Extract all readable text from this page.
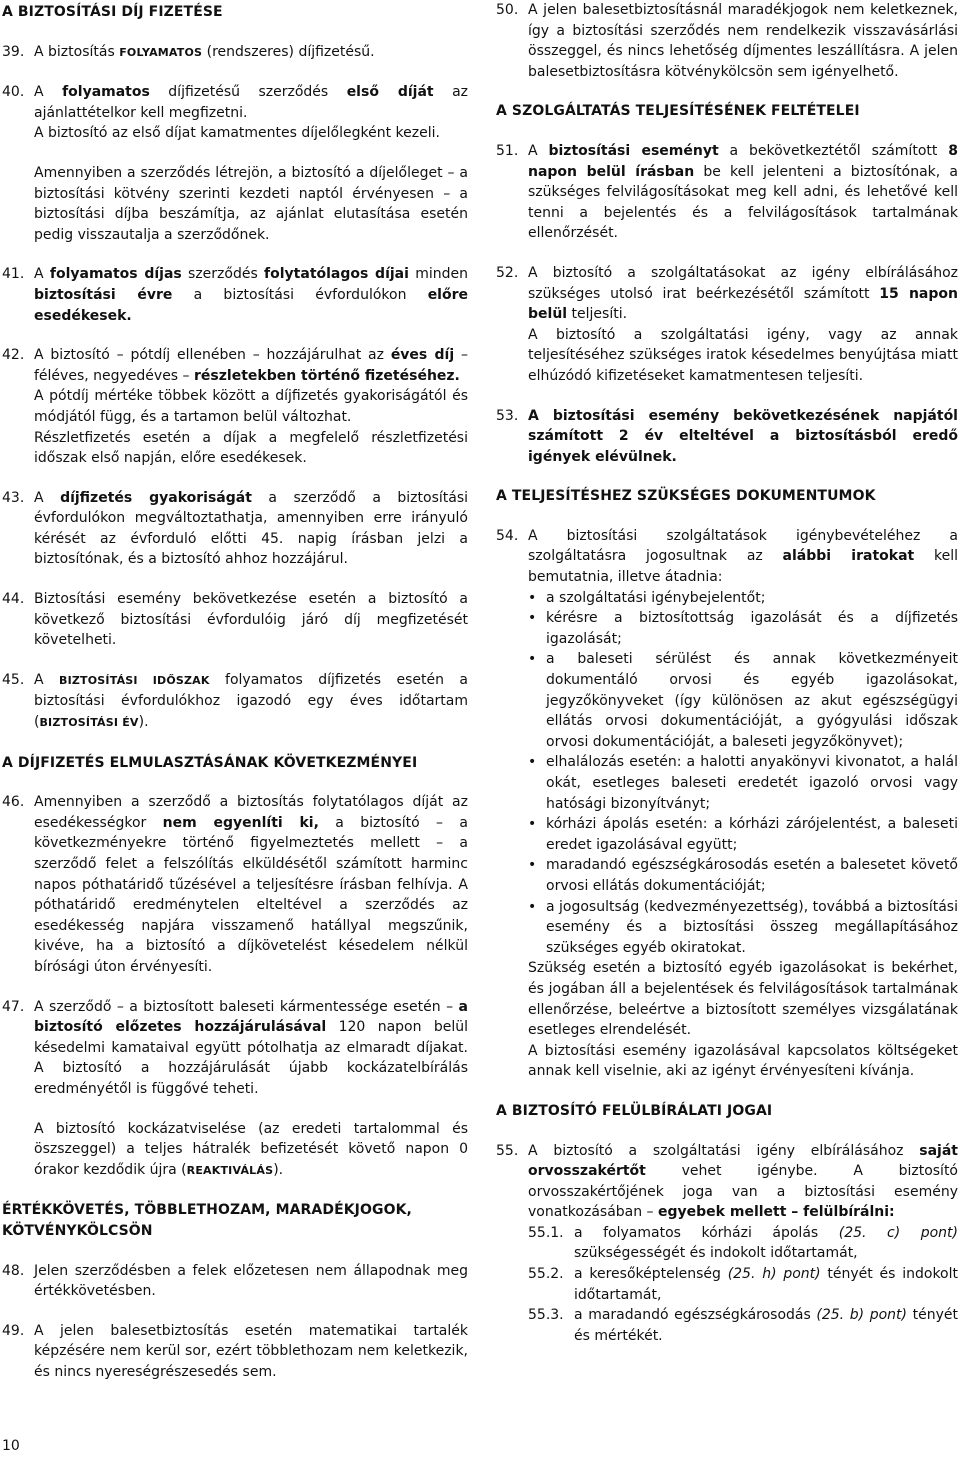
A BIZTOSÍTÁSI DÍJ FIZETÉSE
39. A biztosítás FOLYAMATOS (rendszeres) díjfizetésű.
40. A folyamatos díjfizetésű szerződés első díját az ajánlattételkor kell megfizetni.

A biztosító az első díjat kamatmentes díjelőlegként kezeli.

Amennyiben a szerződés létrejön, a biztosító a díjelőleget – a biztosítási kötvény szerinti kezdeti naptól érvényesen – a biztosítási díjba beszámítja, az ajánlat elutasítása esetén pedig visszautalja a szerződőnek.

41. A folyamatos díjas szerződés folytatólagos díjai minden biztosítási évre a biztosítási évfordulókon előre esedékesek.
42. A biztosító – pótdíj ellenében – hozzájárulhat az éves díj – féléves, negyedéves – részletekben történő fizetéséhez.

A pótdíj mértéke többek között a díjfizetés gyakoriságától és módjától függ, és a tartamon belül változhat.

Részletfizetés esetén a díjak a megfelelő részletfizetési időszak első napján, előre esedékesek.

43. A díjfizetés gyakoriságát a szerződő a biztosítási évfordulókon megváltoztathatja, amennyiben erre irányuló kérését az évforduló előtti 45. napig írásban jelzi a biztosítónak, és a biztosító ahhoz hozzájárul.
44. Biztosítási esemény bekövetkezése esetén a biztosító a következő biztosítási évfordulóig járó díj megfizetését követelheti.
45. A BIZTOSÍTÁSI IDŐSZAK folyamatos díjfizetés esetén a biztosítási évfordulókhoz igazodó egy éves időtartam (BIZTOSÍTÁSI ÉV).
A DÍJFIZETÉS ELMULASZTÁSÁNAK KÖVETKEZMÉNYEI
46. Amennyiben a szerződő a biztosítás folytatólagos díját az esedékességkor nem egyenlíti ki, a biztosító – a következményekre történő figyelmeztetés mellett – a szerződő felet a felszólítás elküldésétől számított harminc napos póthatáridő tűzésével a teljesítésre írásban felhívja. A póthatáridő eredménytelen elteltével a szerződés az esedékesség napjára visszamenő hatállyal megszűnik, kivéve, ha a biztosító a díjkövetelést késedelem nélkül bírósági úton érvényesíti.
47. A szerződő – a biztosított baleseti kármentessége esetén – a biztosító előzetes hozzájárulásával 120 napon belül késedelmi kamataival együtt pótolhatja az elmaradt díjakat. A biztosító a hozzájárulását újabb kockázatelbírálás eredményétől is függővé teheti.

A biztosító kockázatviselése (az eredeti tartalommal és öszszeggel) a teljes hátralék befizetését követő napon 0 órakor kezdődik újra (REAKTIVÁLÁS).

ÉRTÉKKÖVETÉS, TÖBBLETHOZAM, MARADÉKJOGOK, KÖTVÉNYKÖLCSÖN
48. Jelen szerződésben a felek előzetesen nem állapodnak meg értékkövetésben.
49. A jelen balesetbiztosítás esetén matematikai tartalék képzésére nem kerül sor, ezért többlethozam nem keletkezik, és nincs nyereségrészesedés sem.
50. A jelen balesetbiztosításnál maradékjogok nem keletkeznek, így a biztosítási szerződés nem rendelkezik visszavásárlási összeggel, és nincs lehetőség díjmentes leszállításra. A jelen balesetbiztosításra kötvénykölcsön sem igényelhető.
A SZOLGÁLTATÁS TELJESÍTÉSÉNEK FELTÉTELEI
51. A biztosítási eseményt a bekövetkeztétől számított 8 napon belül írásban be kell jelenteni a biztosítónak, a szükséges felvilágosításokat meg kell adni, és lehetővé kell tenni a bejelentés és a felvilágosítások tartalmának ellenőrzését.
52. A biztosító a szolgáltatásokat az igény elbírálásához szükséges utolsó irat beérkezésétől számított 15 napon belül teljesíti.

A biztosító a szolgáltatási igény, vagy az annak teljesítéséhez szükséges iratok késedelmes benyújtása miatt elhúzódó kifizetéseket kamatmentesen teljesíti.

53. A biztosítási esemény bekövetkezésének napjától számított 2 év elteltével a biztosításból eredő igények elévülnek.
A TELJESÍTÉSHEZ SZÜKSÉGES DOKUMENTUMOK
54. A biztosítási szolgáltatások igénybevételéhez a szolgáltatásra jogosultnak az alábbi iratokat kell bemutatnia, illetve átadnia:
• a szolgáltatási igénybejelentőt;
• kérésre a biztosítottság igazolását és a díjfizetés igazolását;
• a baleseti sérülést és annak következményeit dokumentáló orvosi és egyéb igazolásokat, jegyzőkönyveket (így különösen az akut egészségügyi ellátás orvosi dokumentációját, a gyógyulási időszak orvosi dokumentációját, a baleseti jegyzőkönyvet);
• elhalálozás esetén: a halotti anyakönyvi kivonatot, a halál okát, esetleges baleseti eredetét igazoló orvosi vagy hatósági bizonyítványt;
• kórházi ápolás esetén: a kórházi zárójelentést, a baleseti eredet igazolásával együtt;
• maradandó egészségkárosodás esetén a balesetet követő orvosi ellátás dokumentációját;
• a jogosultság (kedvezményezettség), továbbá a biztosítási esemény és a biztosítási összeg megállapításához szükséges egyéb okiratokat.

Szükség esetén a biztosító egyéb igazolásokat is bekérhet, és jogában áll a bejelentések és felvilágosítások tartalmának ellenőrzése, beleértve a biztosított személyes vizsgálatának esetleges elrendelését.

A biztosítási esemény igazolásával kapcsolatos költségeket annak kell viselnie, aki az igényt érvényesíteni kívánja.

A BIZTOSÍTÓ FELÜLBÍRÁLATI JOGAI
55. A biztosító a szolgáltatási igény elbírálásához saját orvosszakértőt vehet igénybe. A biztosító orvosszakértőjének joga van a biztosítási esemény vonatkozásában – egyebek mellett – felülbírálni:
55.1. a folyamatos kórházi ápolás (25. c) pont) szükségességét és indokolt időtartamát,
55.2. a keresőképtelenség (25. h) pont) tényét és indokolt időtartamát,
55.3. a maradandó egészségkárosodás (25. b) pont) tényét és mértékét.
10
